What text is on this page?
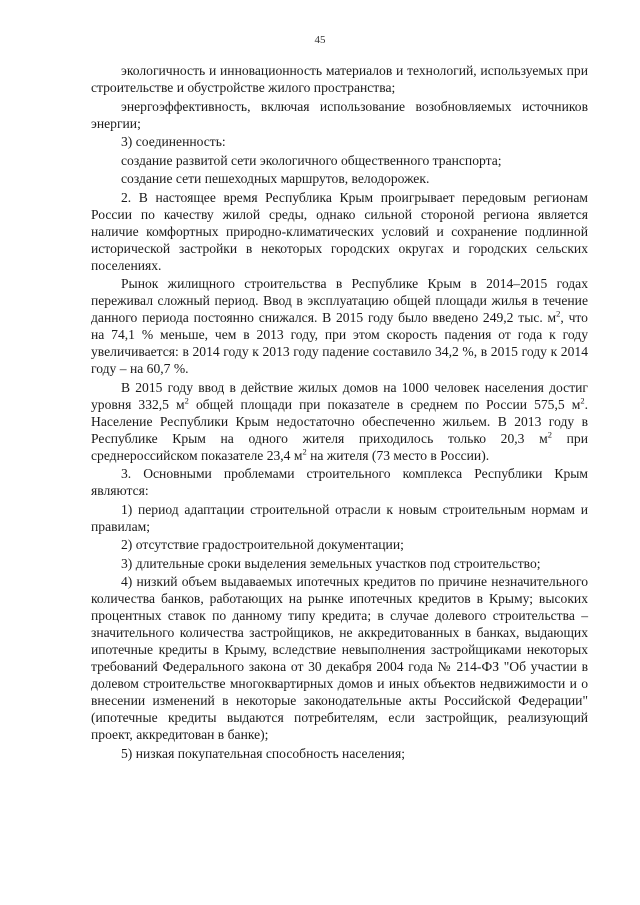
45

экологичность и инновационность материалов и технологий, используемых при строительстве и обустройстве жилого пространства;

энергоэффективность, включая использование возобновляемых источников энергии;

3) соединенность:

создание развитой сети экологичного общественного транспорта;

создание сети пешеходных маршрутов, велодорожек.

2. В настоящее время Республика Крым проигрывает передовым регионам России по качеству жилой среды, однако сильной стороной региона является наличие комфортных природно-климатических условий и сохранение подлинной исторической застройки в некоторых городских округах и городских сельских поселениях.

Рынок жилищного строительства в Республике Крым в 2014–2015 годах переживал сложный период. Ввод в эксплуатацию общей площади жилья в течение данного периода постоянно снижался. В 2015 году было введено 249,2 тыс. $м^2$, что на 74,1 % меньше, чем в 2013 году, при этом скорость падения от года к году увеличивается: в 2014 году к 2013 году падение составило 34,2 %, в 2015 году к 2014 году – на 60,7 %.

В 2015 году ввод в действие жилых домов на 1000 человек населения достиг уровня 332,5 $м^2$ общей площади при показателе в среднем по России 575,5 $м^2$. Население Республики Крым недостаточно обеспеченно жильем. В 2013 году в Республике Крым на одного жителя приходилось только 20,3 $м^2$ при среднероссийском показателе 23,4 $м^2$ на жителя (73 место в России).

3. Основными проблемами строительного комплекса Республики Крым являются:

1) период адаптации строительной отрасли к новым строительным нормам и правилам;

2) отсутствие градостроительной документации;

3) длительные сроки выделения земельных участков под строительство;

4) низкий объем выдаваемых ипотечных кредитов по причине незначительного количества банков, работающих на рынке ипотечных кредитов в Крыму; высоких процентных ставок по данному типу кредита; в случае долевого строительства – значительного количества застройщиков, не аккредитованных в банках, выдающих ипотечные кредиты в Крыму, вследствие невыполнения застройщиками некоторых требований Федерального закона от 30 декабря 2004 года № 214-ФЗ "Об участии в долевом строительстве многоквартирных домов и иных объектов недвижимости и о внесении изменений в некоторые законодательные акты Российской Федерации" (ипотечные кредиты выдаются потребителям, если застройщик, реализующий проект, аккредитован в банке);

5) низкая покупательная способность населения;
